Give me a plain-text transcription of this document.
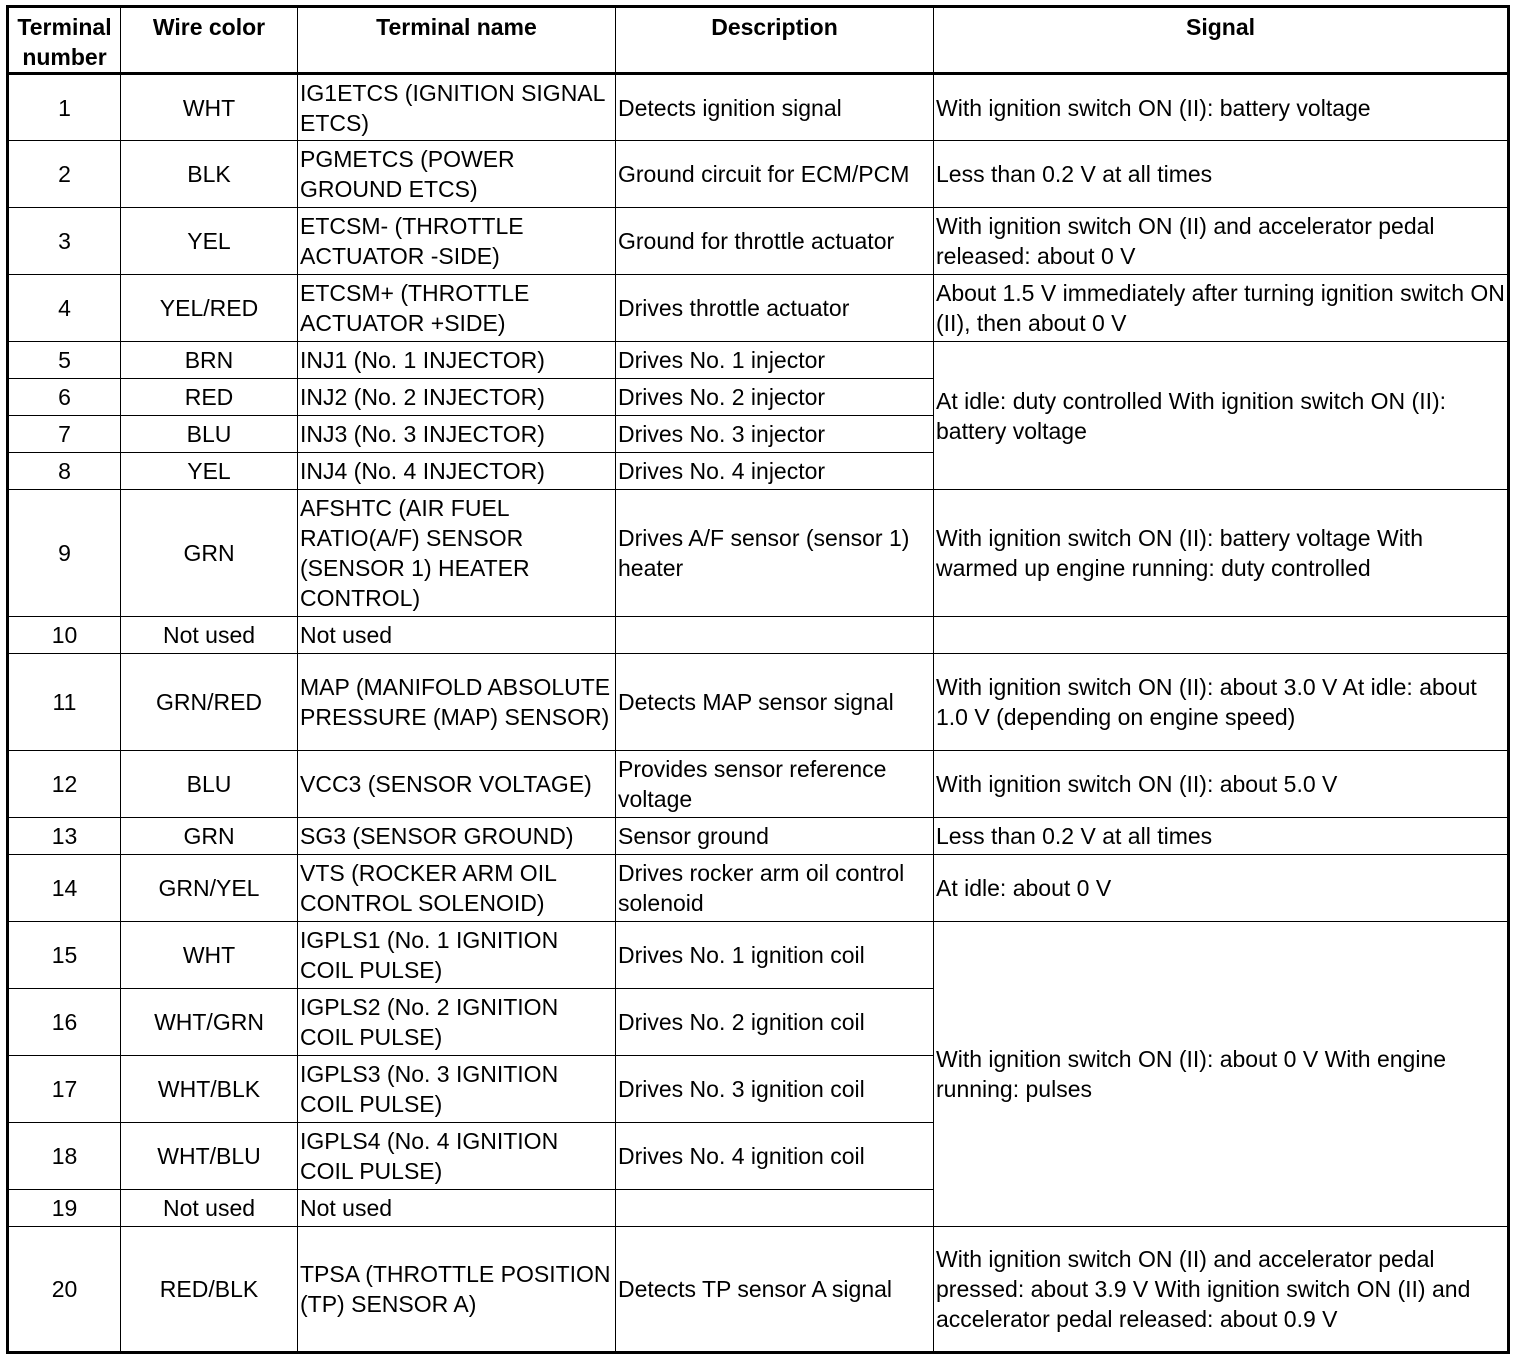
Terminal number	Wire color	Terminal name	Description	Signal
1	WHT	IG1ETCS (IGNITION SIGNAL ETCS)	Detects ignition signal	With ignition switch ON (II): battery voltage
2	BLK	PGMETCS (POWER GROUND ETCS)	Ground circuit for ECM/PCM	Less than 0.2 V at all times
3	YEL	ETCSM- (THROTTLE ACTUATOR -SIDE)	Ground for throttle actuator	With ignition switch ON (II) and accelerator pedal released: about 0 V
4	YEL/RED	ETCSM+ (THROTTLE ACTUATOR +SIDE)	Drives throttle actuator	About 1.5 V immediately after turning ignition switch ON (II), then about 0 V
5	BRN	INJ1 (No. 1 INJECTOR)	Drives No. 1 injector	At idle: duty controlled With ignition switch ON (II): battery voltage
6	RED	INJ2 (No. 2 INJECTOR)	Drives No. 2 injector	
7	BLU	INJ3 (No. 3 INJECTOR)	Drives No. 3 injector	
8	YEL	INJ4 (No. 4 INJECTOR)	Drives No. 4 injector	
9	GRN	AFSHTC (AIR FUEL RATIO(A/F) SENSOR (SENSOR 1) HEATER CONTROL)	Drives A/F sensor (sensor 1) heater	With ignition switch ON (II): battery voltage With warmed up engine running: duty controlled
10	Not used	Not used		
11	GRN/RED	MAP (MANIFOLD ABSOLUTE PRESSURE (MAP) SENSOR)	Detects MAP sensor signal	With ignition switch ON (II): about 3.0 V At idle: about 1.0 V (depending on engine speed)
12	BLU	VCC3 (SENSOR VOLTAGE)	Provides sensor reference voltage	With ignition switch ON (II): about 5.0 V
13	GRN	SG3 (SENSOR GROUND)	Sensor ground	Less than 0.2 V at all times
14	GRN/YEL	VTS (ROCKER ARM OIL CONTROL SOLENOID)	Drives rocker arm oil control solenoid	At idle: about 0 V
15	WHT	IGPLS1 (No. 1 IGNITION COIL PULSE)	Drives No. 1 ignition coil	With ignition switch ON (II): about 0 V With engine running: pulses
16	WHT/GRN	IGPLS2 (No. 2 IGNITION COIL PULSE)	Drives No. 2 ignition coil	
17	WHT/BLK	IGPLS3 (No. 3 IGNITION COIL PULSE)	Drives No. 3 ignition coil	
18	WHT/BLU	IGPLS4 (No. 4 IGNITION COIL PULSE)	Drives No. 4 ignition coil	
19	Not used	Not used		
20	RED/BLK	TPSA (THROTTLE POSITION (TP) SENSOR A)	Detects TP sensor A signal	With ignition switch ON (II) and accelerator pedal pressed: about 3.9 V With ignition switch ON (II) and accelerator pedal released: about 0.9 V
